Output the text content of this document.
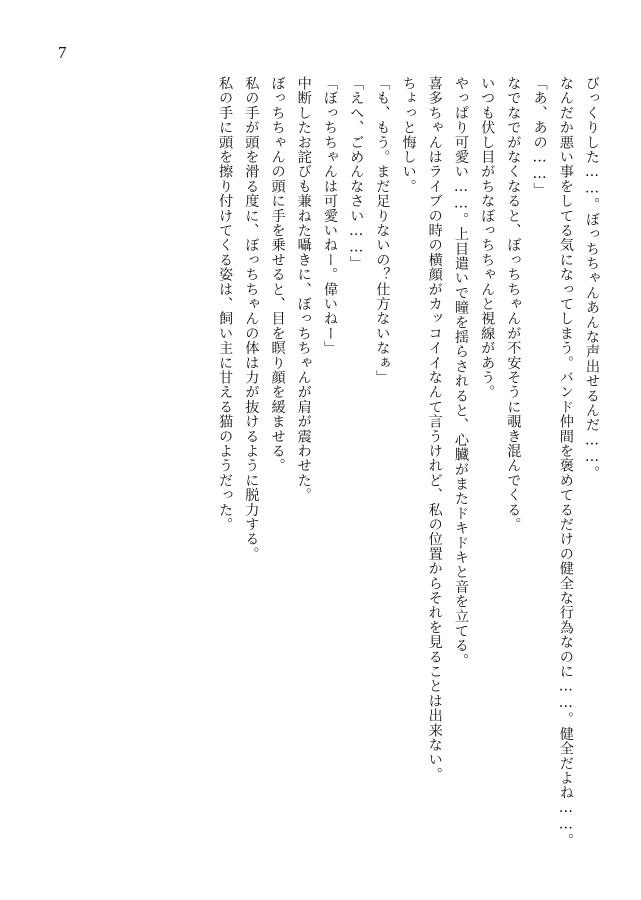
7
びっくりした……。ぼっちちゃんあんな声出せるんだ……。
なんだか悪い事をしてる気になってしまう。バンド仲間を褒めてるだけの健全な行為なのに……。健全だよね……。
「あ、あの……」
なでなでがなくなると、ぼっちちゃんが不安そうに覗き混んでくる。
いつも伏し目がちなぼっちちゃんと視線があう。
やっぱり可愛い……。上目遣いで瞳を揺らされると、心臓がまたドキドキと音を立てる。
喜多ちゃんはライブの時の横顔がカッコイイなんて言うけれど、私の位置からそれを見ることは出来ない。
ちょっと悔しい。
「も、もう。まだ足りないの？仕方ないなぁ」
「えへ、ごめんなさい……」
「ぼっちちゃんは可愛いねー。偉いねー」
中断したお詫びも兼ねた囁きに、ぼっちちゃんが肩が震わせた。
ぼっちちゃんの頭に手を乗せると、目を瞑り顔を緩ませる。
私の手が頭を滑る度に、ぼっちちゃんの体は力が抜けるように脱力する。
私の手に頭を擦り付けてくる姿は、飼い主に甘える猫のようだった。
